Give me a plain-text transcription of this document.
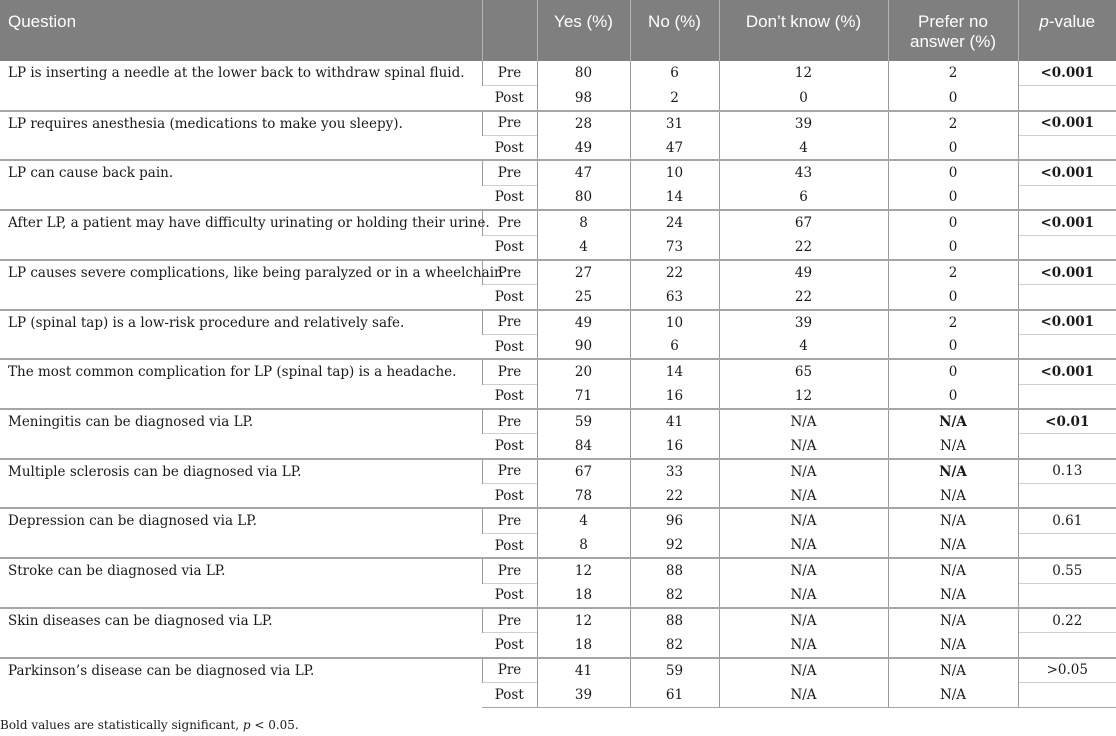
Question		Yes (%)	No (%)	Don’t know (%)	Prefer no
answer (%)	p-value
LP is inserting a needle at the lower back to withdraw spinal fluid.	Pre	80	6	12	2	<0.001
	Post	98	2	0	0	
LP requires anesthesia (medications to make you sleepy).	Pre	28	31	39	2	<0.001
	Post	49	47	4	0	
LP can cause back pain.	Pre	47	10	43	0	<0.001
	Post	80	14	6	0	
After LP, a patient may have difficulty urinating or holding their urine.	Pre	8	24	67	0	<0.001
	Post	4	73	22	0	
LP causes severe complications, like being paralyzed or in a wheelchair.	Pre	27	22	49	2	<0.001
	Post	25	63	22	0	
LP (spinal tap) is a low-risk procedure and relatively safe.	Pre	49	10	39	2	<0.001
	Post	90	6	4	0	
The most common complication for LP (spinal tap) is a headache.	Pre	20	14	65	0	<0.001
	Post	71	16	12	0	
Meningitis can be diagnosed via LP.	Pre	59	41	N/A	N/A	<0.01
	Post	84	16	N/A	N/A	
Multiple sclerosis can be diagnosed via LP.	Pre	67	33	N/A	N/A	0.13
	Post	78	22	N/A	N/A	
Depression can be diagnosed via LP.	Pre	4	96	N/A	N/A	0.61
	Post	8	92	N/A	N/A	
Stroke can be diagnosed via LP.	Pre	12	88	N/A	N/A	0.55
	Post	18	82	N/A	N/A	
Skin diseases can be diagnosed via LP.	Pre	12	88	N/A	N/A	0.22
	Post	18	82	N/A	N/A	
Parkinson’s disease can be diagnosed via LP.	Pre	41	59	N/A	N/A	>0.05
	Post	39	61	N/A	N/A	
Bold values are statistically significant, p < 0.05.
